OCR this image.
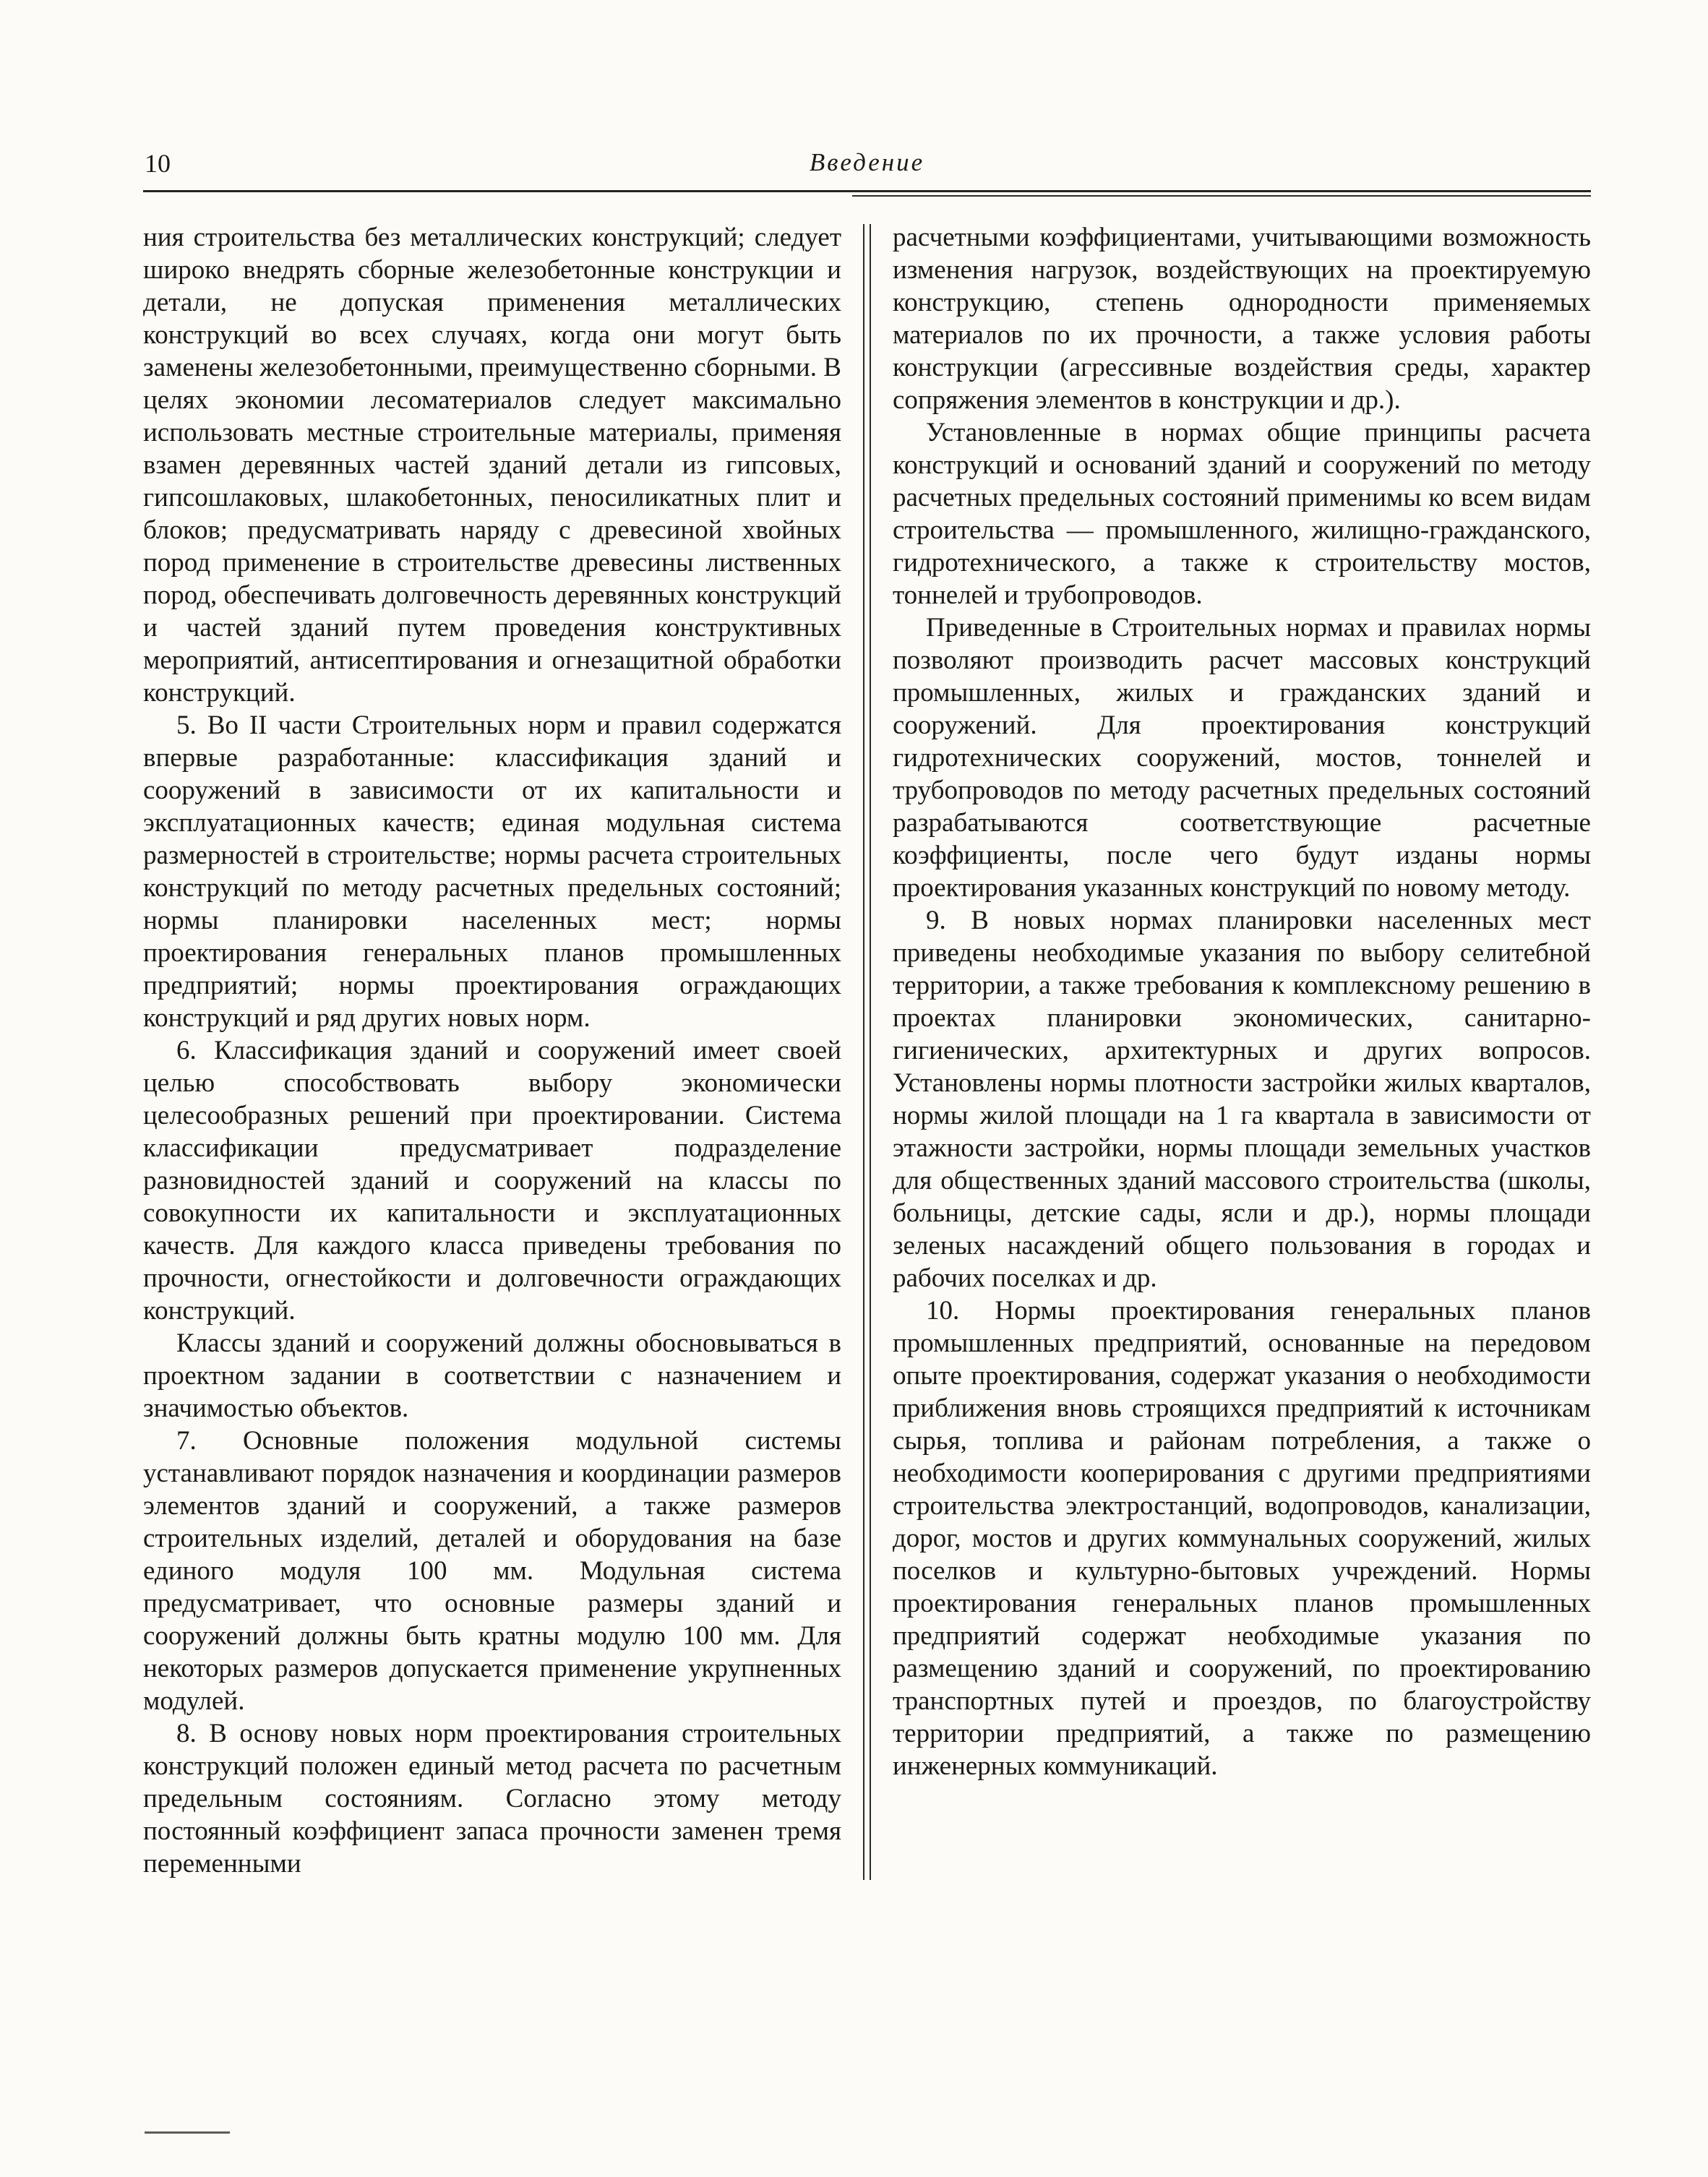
10	Введение

ния строительства без металлических конструкций; следует широко внедрять сборные железобетонные конструкции и детали, не допуская применения металлических конструкций во всех случаях, когда они могут быть заменены железобетонными, преимущественно сборными. В целях экономии лесоматериалов следует максимально использовать местные строительные материалы, применяя взамен деревянных частей зданий детали из гипсовых, гипсошлаковых, шлакобетонных, пеносиликатных плит и блоков; предусматривать наряду с древесиной хвойных пород применение в строительстве древесины лиственных пород, обеспечивать долговечность деревянных конструкций и частей зданий путем проведения конструктивных мероприятий, антисептирования и огнезащитной обработки конструкций.

5. Во II части Строительных норм и правил содержатся впервые разработанные: классификация зданий и сооружений в зависимости от их капитальности и эксплуатационных качеств; единая модульная система размерностей в строительстве; нормы расчета строительных конструкций по методу расчетных предельных состояний; нормы планировки населенных мест; нормы проектирования генеральных планов промышленных предприятий; нормы проектирования ограждающих конструкций и ряд других новых норм.

6. Классификация зданий и сооружений имеет своей целью способствовать выбору экономически целесообразных решений при проектировании. Система классификации предусматривает подразделение разновидностей зданий и сооружений на классы по совокупности их капитальности и эксплуатационных качеств. Для каждого класса приведены требования по прочности, огнестойкости и долговечности ограждающих конструкций.

Классы зданий и сооружений должны обосновываться в проектном задании в соответствии с назначением и значимостью объектов.

7. Основные положения модульной системы устанавливают порядок назначения и координации размеров элементов зданий и сооружений, а также размеров строительных изделий, деталей и оборудования на базе единого модуля 100 мм. Модульная система предусматривает, что основные размеры зданий и сооружений должны быть кратны модулю 100 мм. Для некоторых размеров допускается применение укрупненных модулей.

8. В основу новых норм проектирования строительных конструкций положен единый метод расчета по расчетным предельным состояниям. Согласно этому методу постоянный коэффициент запаса прочности заменен тремя переменными

расчетными коэффициентами, учитывающими возможность изменения нагрузок, воздействующих на проектируемую конструкцию, степень однородности применяемых материалов по их прочности, а также условия работы конструкции (агрессивные воздействия среды, характер сопряжения элементов в конструкции и др.).

Установленные в нормах общие принципы расчета конструкций и оснований зданий и сооружений по методу расчетных предельных состояний применимы ко всем видам строительства — промышленного, жилищно-гражданского, гидротехнического, а также к строительству мостов, тоннелей и трубопроводов.

Приведенные в Строительных нормах и правилах нормы позволяют производить расчет массовых конструкций промышленных, жилых и гражданских зданий и сооружений. Для проектирования конструкций гидротехнических сооружений, мостов, тоннелей и трубопроводов по методу расчетных предельных состояний разрабатываются соответствующие расчетные коэффициенты, после чего будут изданы нормы проектирования указанных конструкций по новому методу.

9. В новых нормах планировки населенных мест приведены необходимые указания по выбору селитебной территории, а также требования к комплексному решению в проектах планировки экономических, санитарно-гигиенических, архитектурных и других вопросов. Установлены нормы плотности застройки жилых кварталов, нормы жилой площади на 1 га квартала в зависимости от этажности застройки, нормы площади земельных участков для общественных зданий массового строительства (школы, больницы, детские сады, ясли и др.), нормы площади зеленых насаждений общего пользования в городах и рабочих поселках и др.

10. Нормы проектирования генеральных планов промышленных предприятий, основанные на передовом опыте проектирования, содержат указания о необходимости приближения вновь строящихся предприятий к источникам сырья, топлива и районам потребления, а также о необходимости кооперирования с другими предприятиями строительства электростанций, водопроводов, канализации, дорог, мостов и других коммунальных сооружений, жилых поселков и культурно-бытовых учреждений. Нормы проектирования генеральных планов промышленных предприятий содержат необходимые указания по размещению зданий и сооружений, по проектированию транспортных путей и проездов, по благоустройству территории предприятий, а также по размещению инженерных коммуникаций.
